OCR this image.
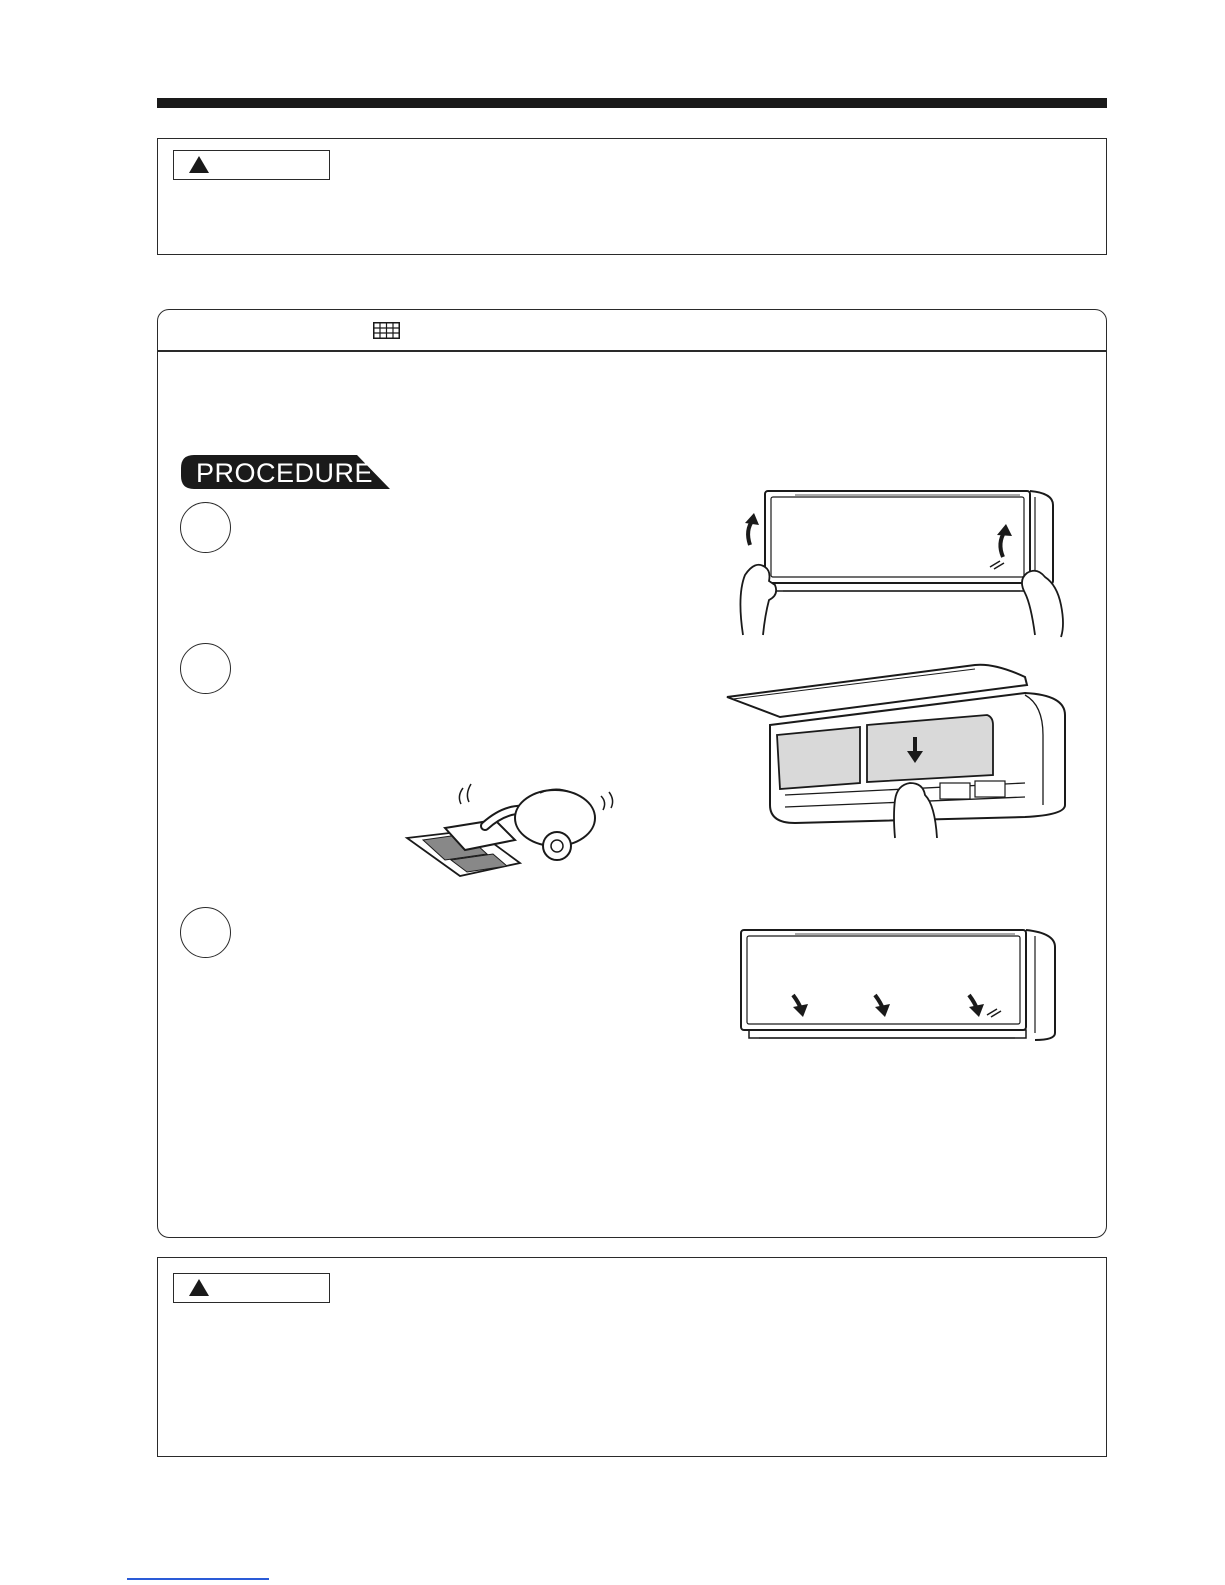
PROCEDURE
